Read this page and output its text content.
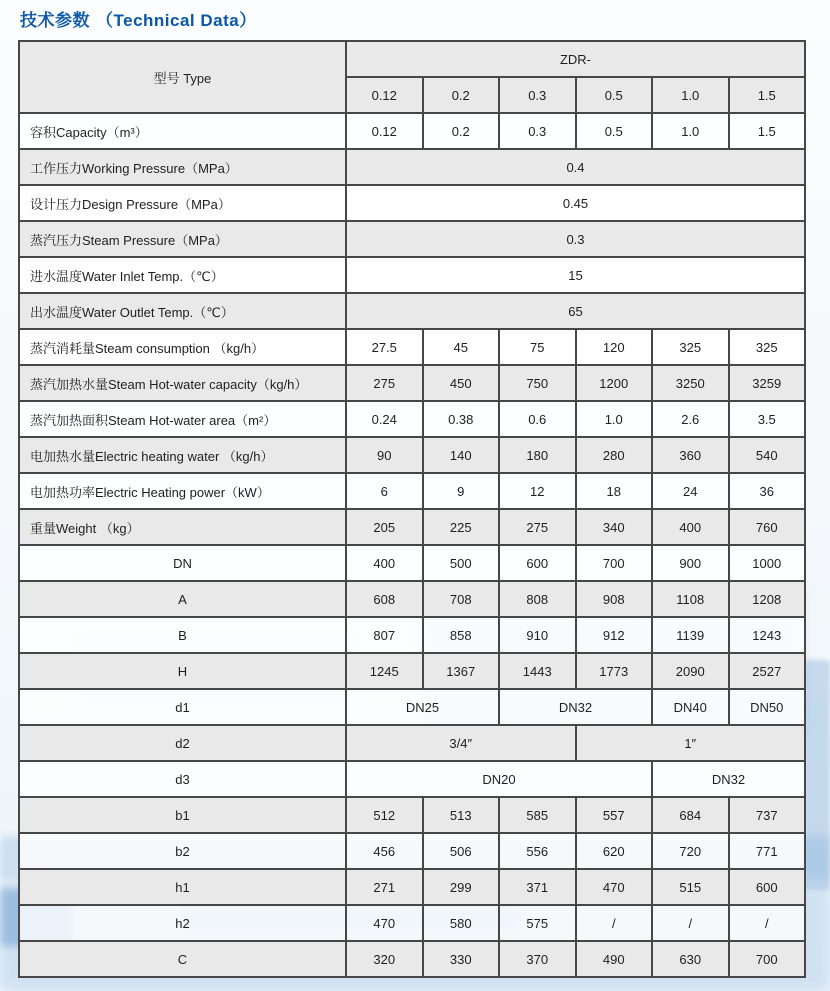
技术参数 （Technical Data）
型号 Type	ZDR-					
	0.12	0.2	0.3	0.5	1.0	1.5
容积Capacity（m³）	0.12	0.2	0.3	0.5	1.0	1.5
工作压力Working Pressure（MPa）	0.4					
设计压力Design Pressure（MPa）	0.45					
蒸汽压力Steam Pressure（MPa）	0.3					
进水温度Water Inlet Temp.（℃）	15					
出水温度Water Outlet Temp.（℃）	65					
蒸汽消耗量Steam consumption （kg/h）	27.5	45	75	120	325	325
蒸汽加热水量Steam Hot-water capacity（kg/h）	275	450	750	1200	3250	3259
蒸汽加热面积Steam Hot-water area（m²）	0.24	0.38	0.6	1.0	2.6	3.5
电加热水量Electric heating water （kg/h）	90	140	180	280	360	540
电加热功率Electric Heating power（kW）	6	9	12	18	24	36
重量Weight （kg）	205	225	275	340	400	760
DN	400	500	600	700	900	1000
A	608	708	808	908	1108	1208
B	807	858	910	912	1139	1243
H	1245	1367	1443	1773	2090	2527
d1	DN25		DN32		DN40	DN50
d2	3/4″			1″		
d3	DN20				DN32	
b1	512	513	585	557	684	737
b2	456	506	556	620	720	771
h1	271	299	371	470	515	600
h2	470	580	575	/	/	/
C	320	330	370	490	630	700
